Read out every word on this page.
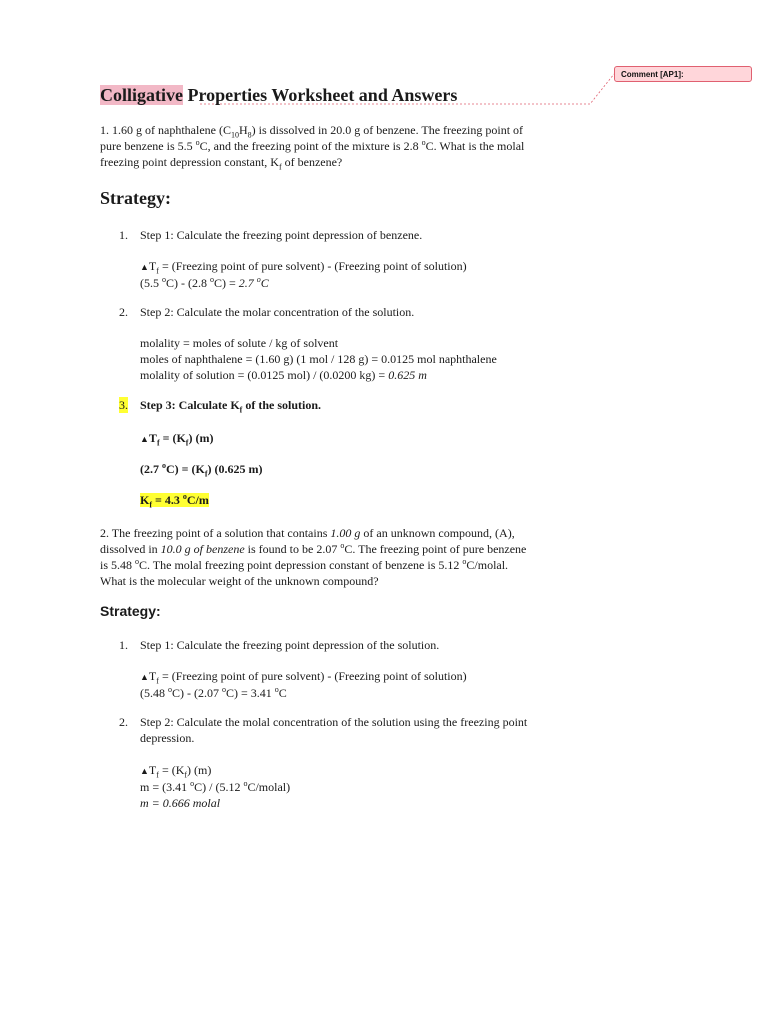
Comment [AP1]:
Colligative Properties Worksheet and Answers
1. 1.60 g of naphthalene $(C_{10}H_8)$ is dissolved in 20.0 g of benzene. The freezing point of
pure benzene is 5.5 $^o$C, and the freezing point of the mixture is 2.8 $^o$C. What is the molal
freezing point depression constant, $K_f$ of benzene?
Strategy:
1. Step 1: Calculate the freezing point depression of benzene.
$▲T_f$ = (Freezing point of pure solvent) - (Freezing point of solution)
(5.5 $^o$C) - (2.8 $^o$C) = 2.7 $^o$C
2. Step 2: Calculate the molar concentration of the solution.
molality = moles of solute / kg of solvent
moles of naphthalene = (1.60 g) (1 mol / 128 g) = 0.0125 mol naphthalene
molality of solution = (0.0125 mol) / (0.0200 kg) = 0.625 m
3. Step 3: Calculate $K_f$ of the solution.
$▲T_f = (K_f)$ (m)
(2.7 $^oC) = (K_f)$ (0.625 m)
$K_f = 4.3$ $^o$C/m
2. The freezing point of a solution that contains 1.00 g of an unknown compound, (A),
dissolved in 10.0 g of benzene is found to be 2.07 $^o$C. The freezing point of pure benzene
is 5.48 $^o$C. The molal freezing point depression constant of benzene is 5.12 $^o$C/molal.
What is the molecular weight of the unknown compound?
Strategy:
1. Step 1: Calculate the freezing point depression of the solution.
$▲T_f$ = (Freezing point of pure solvent) - (Freezing point of solution)
(5.48 $^o$C) - (2.07 $^o$C) = 3.41 $^o$C
2. Step 2: Calculate the molal concentration of the solution using the freezing point
depression.
$▲T_f = (K_f)$ (m)
m = (3.41 $^o$C) / (5.12 $^o$C/molal)
m = 0.666 molal
